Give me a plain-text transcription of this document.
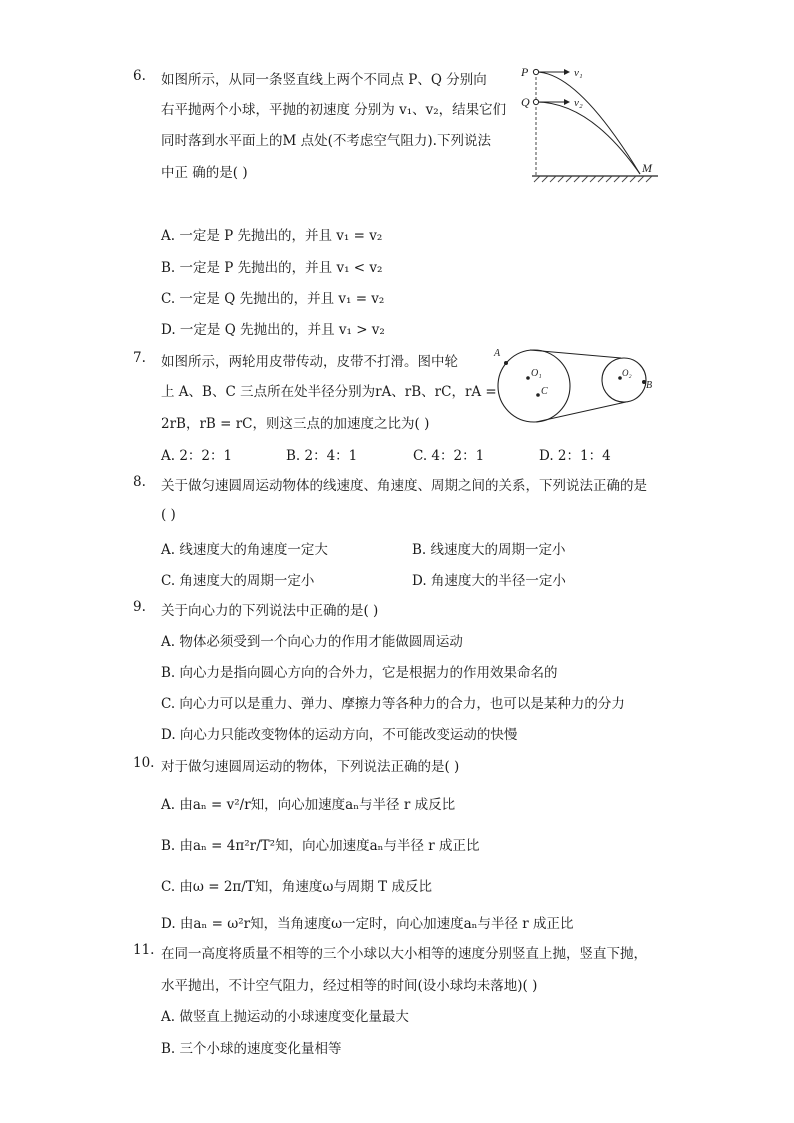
6.	如图所示，从同一条竖直线上两个不同点 P、Q 分别向
右平抛两个小球，平抛的初速度 分别为 v₁、v₂，结果它们
同时落到水平面上的M 点处(不考虑空气阻力).下列说法
中正 确的是( )
A. 一定是 P 先抛出的，并且 v₁ = v₂
B. 一定是 P 先抛出的，并且 v₁ < v₂
C. 一定是 Q 先抛出的，并且 v₁ = v₂
D. 一定是 Q 先抛出的，并且 v₁ > v₂
P
Q
v₁
v₂
M
7.	如图所示，两轮用皮带传动，皮带不打滑。图中轮
上 A、B、C 三点所在处半径分别为rA、rB、rC，rA =
2rB，rB = rC，则这三点的加速度之比为( )
A. 2：2：1	B. 2：4：1	C. 4：2：1	D. 2：1：4
A
O₁
C
O₂
B
8.	关于做匀速圆周运动物体的线速度、角速度、周期之间的关系，下列说法正确的是
( )
A. 线速度大的角速度一定大	B. 线速度大的周期一定小
C. 角速度大的周期一定小	D. 角速度大的半径一定小
9.	关于向心力的下列说法中正确的是( )
A. 物体必须受到一个向心力的作用才能做圆周运动
B. 向心力是指向圆心方向的合外力，它是根据力的作用效果命名的
C. 向心力可以是重力、弹力、摩擦力等各种力的合力，也可以是某种力的分力
D. 向心力只能改变物体的运动方向，不可能改变运动的快慢
10. 对于做匀速圆周运动的物体，下列说法正确的是( )
A. 由aₙ = v²/r知，向心加速度aₙ与半径 r 成反比
B. 由aₙ = 4π²r/T²知，向心加速度aₙ与半径 r 成正比
C. 由ω = 2π/T知，角速度ω与周期 T 成反比
D. 由aₙ = ω²r知，当角速度ω一定时，向心加速度aₙ与半径 r 成正比
11. 在同一高度将质量不相等的三个小球以大小相等的速度分别竖直上抛，竖直下抛，
水平抛出，不计空气阻力，经过相等的时间(设小球均未落地)( )
A. 做竖直上抛运动的小球速度变化量最大
B. 三个小球的速度变化量相等
